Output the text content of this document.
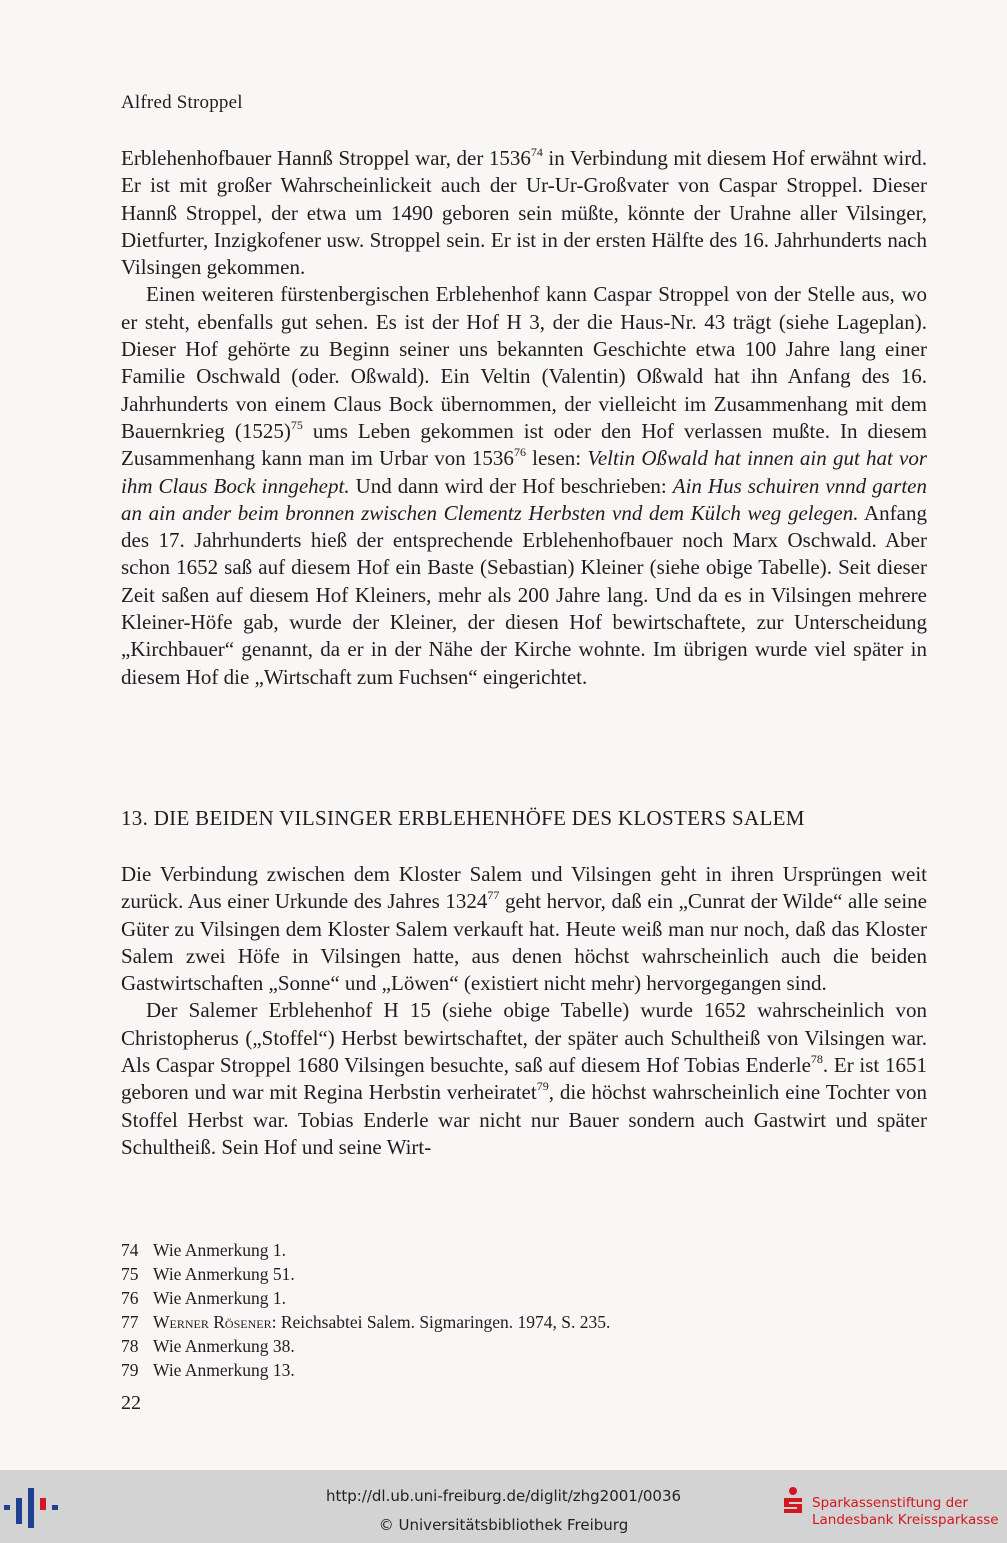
Alfred Stroppel

Erblehenhofbauer Hannß Stroppel war, der 1536$^{74}$ in Verbindung mit diesem Hof erwähnt wird. Er ist mit großer Wahrscheinlickeit auch der Ur-Ur-Großvater von Caspar Stroppel. Dieser Hannß Stroppel, der etwa um 1490 geboren sein müßte, könnte der Urahne aller Vilsinger, Dietfurter, Inzigkofener usw. Stroppel sein. Er ist in der ersten Hälfte des 16. Jahrhunderts nach Vilsingen gekommen.

Einen weiteren fürstenbergischen Erblehenhof kann Caspar Stroppel von der Stelle aus, wo er steht, ebenfalls gut sehen. Es ist der Hof H 3, der die Haus-Nr. 43 trägt (siehe Lageplan). Dieser Hof gehörte zu Beginn seiner uns bekannten Geschichte etwa 100 Jahre lang einer Familie Oschwald (oder. Oßwald). Ein Veltin (Valentin) Oßwald hat ihn Anfang des 16. Jahrhunderts von einem Claus Bock übernommen, der vielleicht im Zusammenhang mit dem Bauernkrieg $(1525)^{75}$ ums Leben gekommen ist oder den Hof verlassen mußte. In diesem Zusammenhang kann man im Urbar von 1536$^{76}$ lesen: Veltin Oßwald hat innen ain gut hat vor ihm Claus Bock inngehept. Und dann wird der Hof beschrieben: Ain Hus schuiren vnnd garten an ain ander beim bronnen zwischen Clementz Herbsten vnd dem Külch weg gelegen. Anfang des 17. Jahrhunderts hieß der entsprechende Erblehenhofbauer noch Marx Oschwald. Aber schon 1652 saß auf diesem Hof ein Baste (Sebastian) Kleiner (siehe obige Tabelle). Seit dieser Zeit saßen auf diesem Hof Kleiners, mehr als 200 Jahre lang. Und da es in Vilsingen mehrere Kleiner-Höfe gab, wurde der Kleiner, der diesen Hof bewirtschaftete, zur Unterscheidung „Kirchbauer“ genannt, da er in der Nähe der Kirche wohnte. Im übrigen wurde viel später in diesem Hof die „Wirtschaft zum Fuchsen“ eingerichtet.

13. DIE BEIDEN VILSINGER ERBLEHENHÖFE DES KLOSTERS SALEM

Die Verbindung zwischen dem Kloster Salem und Vilsingen geht in ihren Ursprüngen weit zurück. Aus einer Urkunde des Jahres 1324$^{77}$ geht hervor, daß ein „Cunrat der Wilde“ alle seine Güter zu Vilsingen dem Kloster Salem verkauft hat. Heute weiß man nur noch, daß das Kloster Salem zwei Höfe in Vilsingen hatte, aus denen höchst wahrscheinlich auch die beiden Gastwirtschaften „Sonne“ und „Löwen“ (existiert nicht mehr) hervorgegangen sind.

Der Salemer Erblehenhof H 15 (siehe obige Tabelle) wurde 1652 wahrscheinlich von Christopherus („Stoffel“) Herbst bewirtschaftet, der später auch Schultheiß von Vilsingen war. Als Caspar Stroppel 1680 Vilsingen besuchte, saß auf diesem Hof Tobias Enderle$^{78}$. Er ist 1651 geboren und war mit Regina Herbstin verheiratet$^{79}$, die höchst wahrscheinlich eine Tochter von Stoffel Herbst war. Tobias Enderle war nicht nur Bauer sondern auch Gastwirt und später Schultheiß. Sein Hof und seine Wirt-

74 Wie Anmerkung 1.
75 Wie Anmerkung 51.
76 Wie Anmerkung 1.
77 Werner Rösener: Reichsabtei Salem. Sigmaringen. 1974, S. 235.
78 Wie Anmerkung 38.
79 Wie Anmerkung 13.
22
http://dl.ub.uni-freiburg.de/diglit/zhg2001/0036
© Universitätsbibliothek Freiburg
Sparkassenstiftung der
Landesbank Kreissparkasse
